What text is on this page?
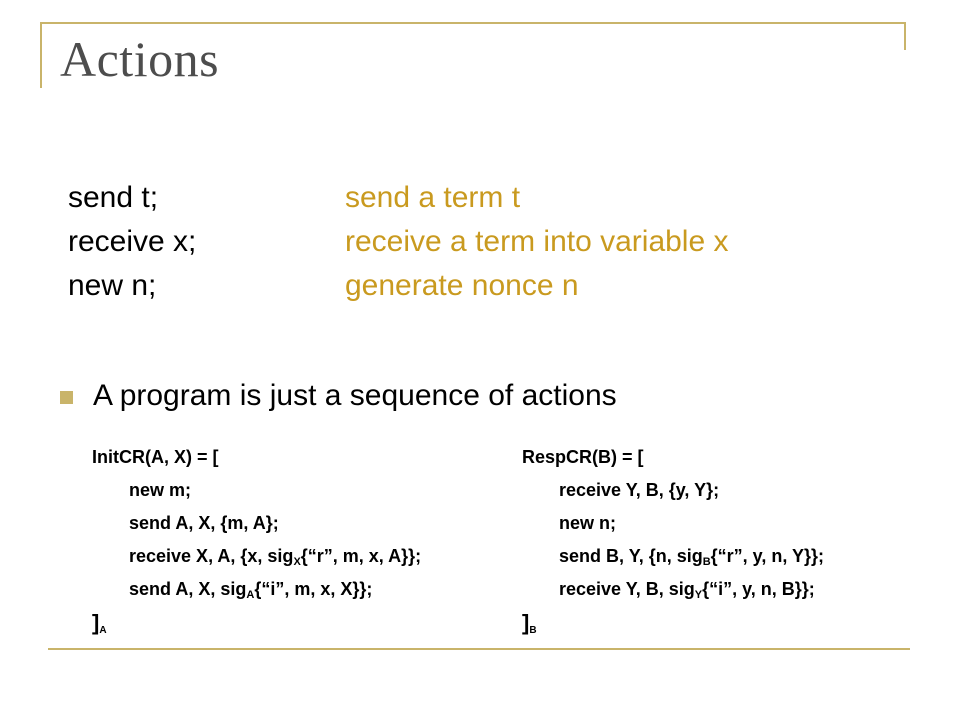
Actions
send t;	send a term t
receive x;	receive a term into variable x
new n;	generate nonce n
A program is just a sequence of actions
InitCR(A, X) = [
new m;
send A, X, {m, A};
receive X, A, {x, sig$_X${“r”, m, x, A}};
send A, X, sig$_A${“i”, m, x, X}};
]$_A$
RespCR(B) = [
receive Y, B, {y, Y};
new n;
send B, Y, {n, sig$_B${“r”, y, n, Y}};
receive Y, B, sig$_Y${“i”, y, n, B}};
]$_B$
